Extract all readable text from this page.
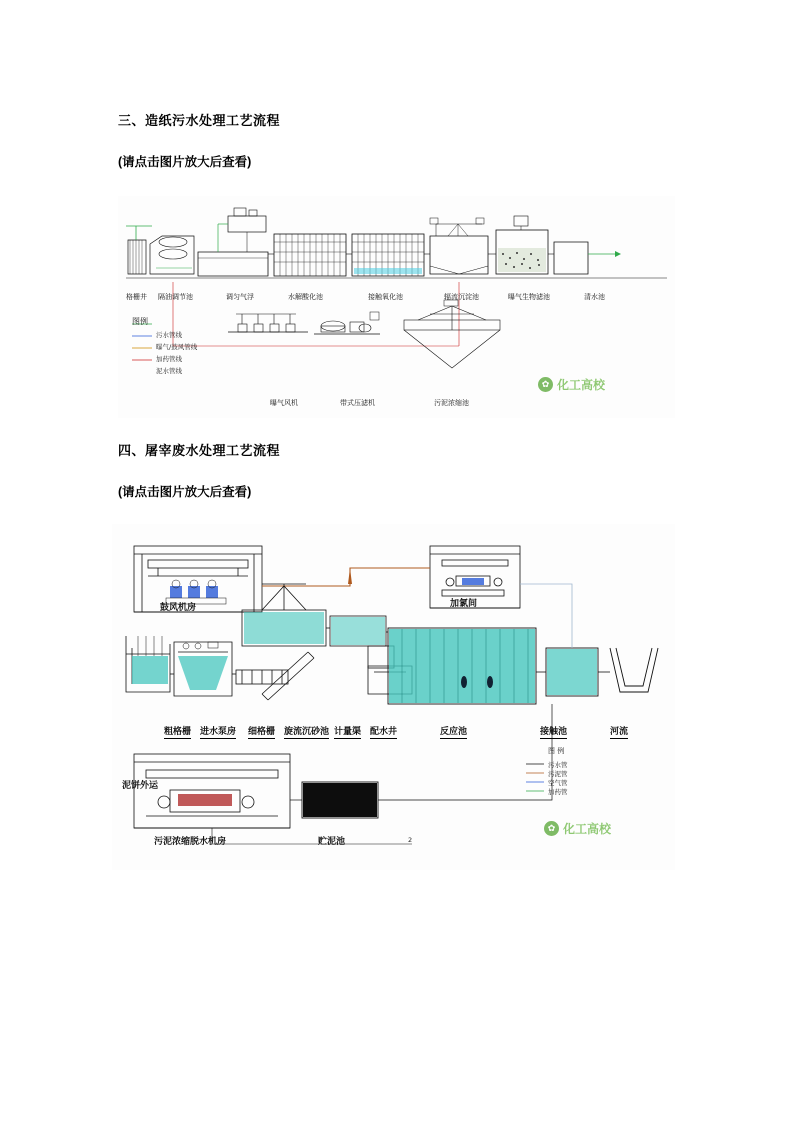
三、造纸污水处理工艺流程
(请点击图片放大后查看)
格栅井 隔油调节池	调匀气浮	水解酸化池	接触氧化池	辐流沉淀池	曝气生物滤池	清水池
图例
污水管线
曝气/鼓风管线
加药管线
泥水管线
曝气风机	带式压滤机	污泥浓缩池
✿ 化工高校
四、屠宰废水处理工艺流程
(请点击图片放大后查看)
鼓风机房	加氯间
泥饼外运
粗格栅 进水泵房 细格栅 旋流沉砂池 计量渠 配水井	反应池	接触池	河流
污泥浓缩脱水机房	贮泥池
图 例
污水管
污泥管
空气管
加药管
2
✿ 化工高校
